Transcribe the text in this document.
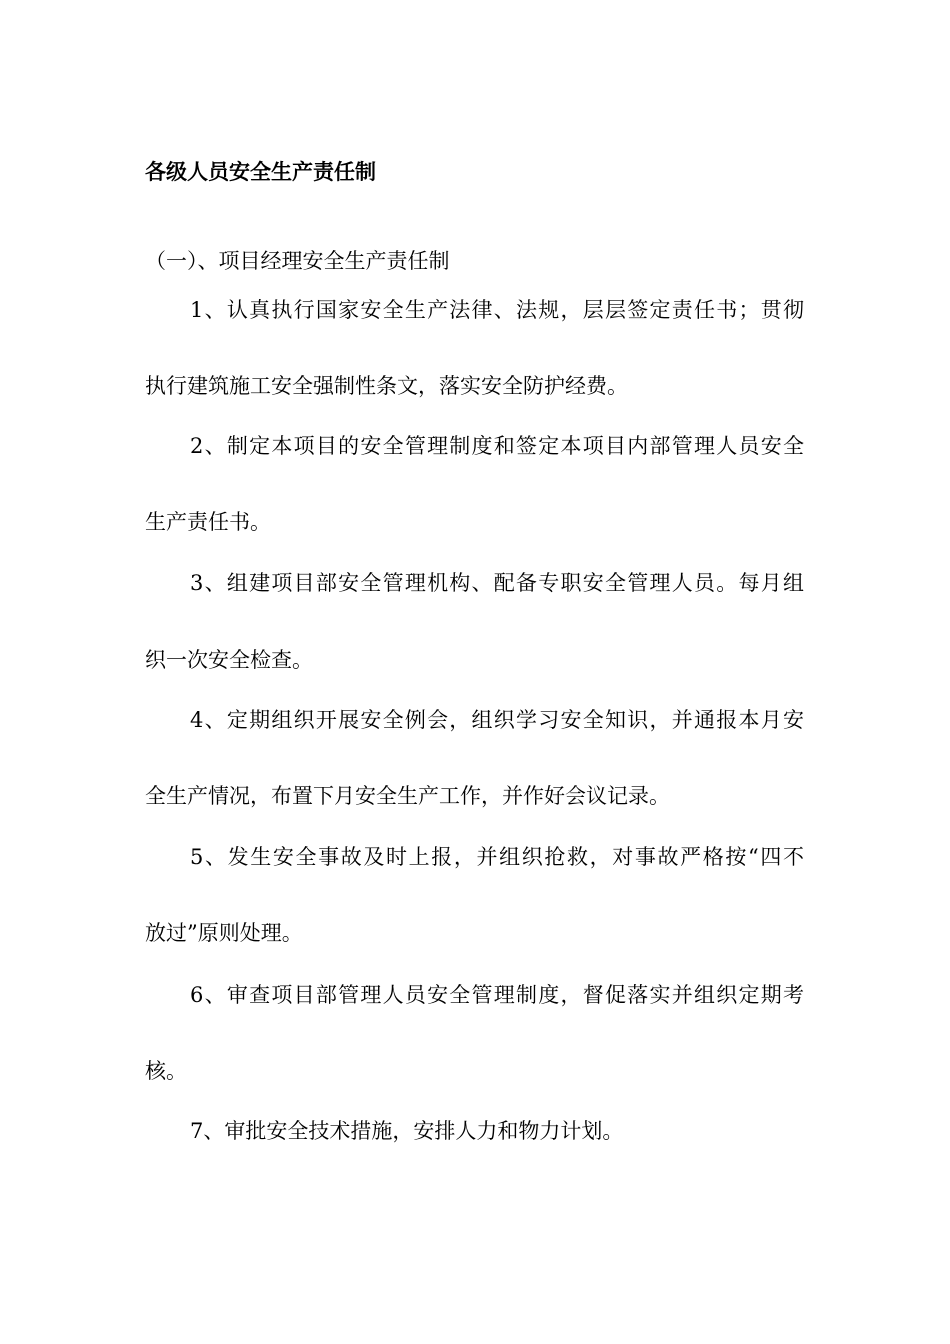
各级人员安全生产责任制
（一）、项目经理安全生产责任制
1、认真执行国家安全生产法律、法规，层层签定责任书；贯彻
执行建筑施工安全强制性条文，落实安全防护经费。
2、制定本项目的安全管理制度和签定本项目内部管理人员安全
生产责任书。
3、组建项目部安全管理机构、配备专职安全管理人员。每月组
织一次安全检查。
4、定期组织开展安全例会，组织学习安全知识，并通报本月安
全生产情况，布置下月安全生产工作，并作好会议记录。
5、发生安全事故及时上报，并组织抢救，对事故严格按“四不
放过”原则处理。
6、审查项目部管理人员安全管理制度，督促落实并组织定期考
核。
7、审批安全技术措施，安排人力和物力计划。
